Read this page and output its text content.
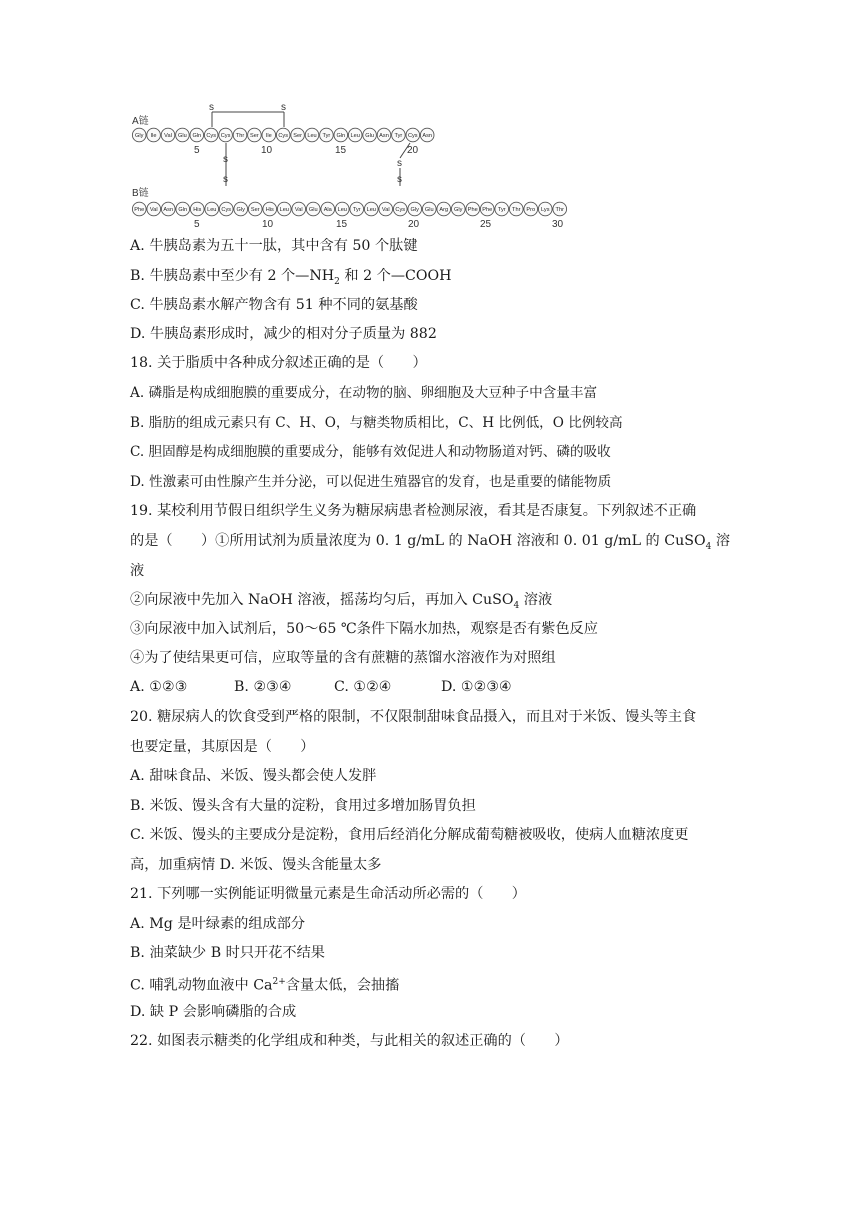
A链
B链
Gly Ile Val Glu Gln Cys Cys Thr Ser Ile Cys Ser Leu Tyr Gln Leu Glu Asn Tyr Cys Asn
Phe Val Asn Gln His Leu Cys Gly Ser His Leu Val Glu Ala Leu Tyr Leu Val Cys Gly Glu Arg Gly Phe Phe Tyr Thr Pro Lys Thr
5	10	15	20
5	10	15	20	25	30
s	s
s
s
s
s
A. 牛胰岛素为五十一肽，其中含有 50 个肽键
B. 牛胰岛素中至少有 2 个$—NH_2$ 和 2 个—COOH
C. 牛胰岛素水解产物含有 51 种不同的氨基酸
D. 牛胰岛素形成时，减少的相对分子质量为 882
18. 关于脂质中各种成分叙述正确的是（　　）
A. 磷脂是构成细胞膜的重要成分，在动物的脑、卵细胞及大豆种子中含量丰富
B. 脂肪的组成元素只有 C、H、O，与糖类物质相比，C、H 比例低，O 比例较高
C. 胆固醇是构成细胞膜的重要成分，能够有效促进人和动物肠道对钙、磷的吸收
D. 性激素可由性腺产生并分泌，可以促进生殖器官的发育，也是重要的储能物质
19. 某校利用节假日组织学生义务为糖尿病患者检测尿液，看其是否康复。下列叙述不正确
的是（　　）①所用试剂为质量浓度为 0. 1 g/mL 的 NaOH 溶液和 0. 01 g/mL 的 CuSO$_4$ 溶
液
②向尿液中先加入 NaOH 溶液，摇荡均匀后，再加入 CuSO$_4$ 溶液
③向尿液中加入试剂后，50～65 ℃条件下隔水加热，观察是否有紫色反应
④为了使结果更可信，应取等量的含有蔗糖的蒸馏水溶液作为对照组
A. ①②③	B. ②③④	C. ①②④	D. ①②③④
20. 糖尿病人的饮食受到严格的限制，不仅限制甜味食品摄入，而且对于米饭、馒头等主食
也要定量，其原因是（　　）
A. 甜味食品、米饭、馒头都会使人发胖
B. 米饭、馒头含有大量的淀粉，食用过多增加肠胃负担
C. 米饭、馒头的主要成分是淀粉，食用后经消化分解成葡萄糖被吸收，使病人血糖浓度更
高，加重病情 D. 米饭、馒头含能量太多
21. 下列哪一实例能证明微量元素是生命活动所必需的（　　）
A. Mg 是叶绿素的组成部分
B. 油菜缺少 B 时只开花不结果
C. 哺乳动物血液中 $Ca^{2+}$含量太低，会抽搐
D. 缺 P 会影响磷脂的合成
22. 如图表示糖类的化学组成和种类，与此相关的叙述正确的（　　）
